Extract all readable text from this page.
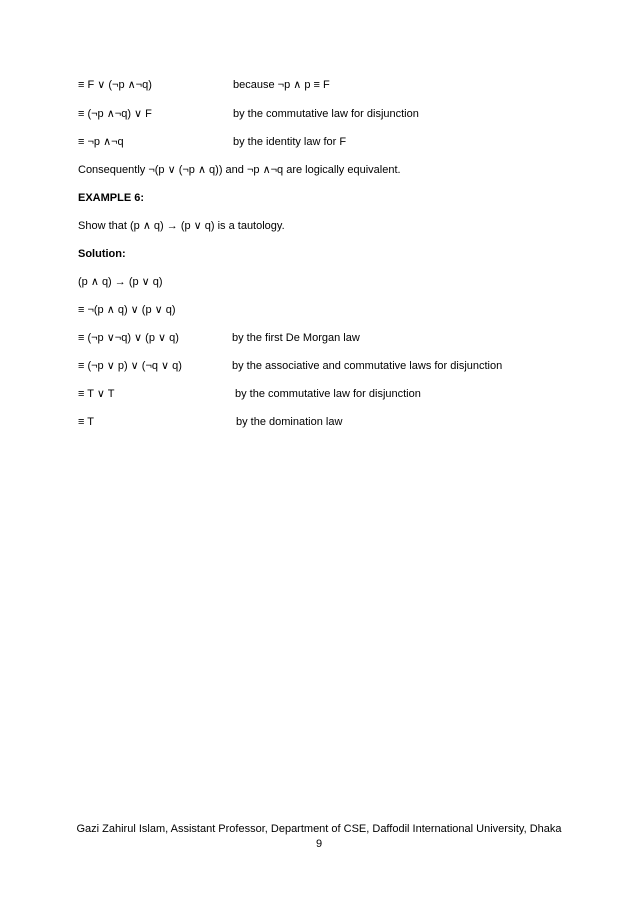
≡ F ∨ (¬p ∧¬q)	because ¬p ∧ p ≡ F
≡ (¬p ∧¬q) ∨ F	by the commutative law for disjunction
≡ ¬p ∧¬q	by the identity law for F
Consequently ¬(p ∨ (¬p ∧ q)) and ¬p ∧¬q are logically equivalent.
EXAMPLE 6:
Show that (p ∧ q) → (p ∨ q) is a tautology.
Solution:
(p ∧ q) → (p ∨ q)
≡ ¬(p ∧ q) ∨ (p ∨ q)
≡ (¬p ∨¬q) ∨ (p ∨ q)	by the first De Morgan law
≡ (¬p ∨ p) ∨ (¬q ∨ q)	by the associative and commutative laws for disjunction
≡ T ∨ T	by the commutative law for disjunction
≡ T	by the domination law
Gazi Zahirul Islam, Assistant Professor, Department of CSE, Daffodil International University, Dhaka
9
